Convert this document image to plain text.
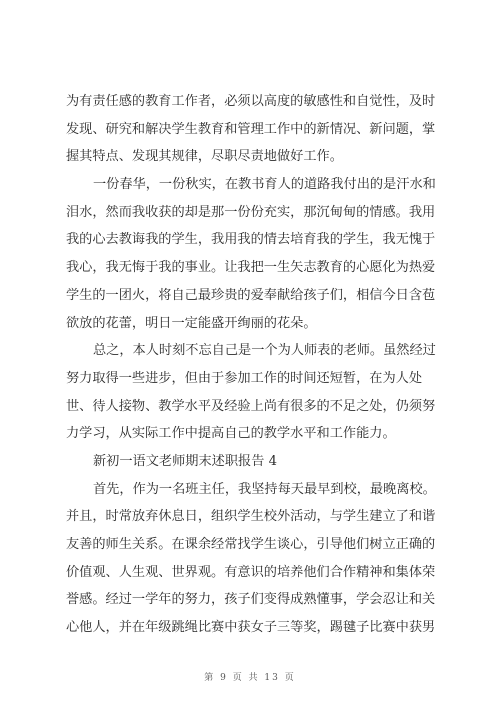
为有责任感的教育工作者，必须以高度的敏感性和自觉性，及时
发现、研究和解决学生教育和管理工作中的新情况、新问题，掌
握其特点、发现其规律，尽职尽责地做好工作。
一份春华，一份秋实，在教书育人的道路我付出的是汗水和
泪水，然而我收获的却是那一份份充实，那沉甸甸的情感。我用
我的心去教诲我的学生，我用我的情去培育我的学生，我无愧于
我心，我无悔于我的事业。让我把一生矢志教育的心愿化为热爱
学生的一团火，将自己最珍贵的爱奉献给孩子们，相信今日含苞
欲放的花蕾，明日一定能盛开绚丽的花朵。
总之，本人时刻不忘自己是一个为人师表的老师。虽然经过
努力取得一些进步，但由于参加工作的时间还短暂，在为人处
世、待人接物、教学水平及经验上尚有很多的不足之处，仍须努
力学习，从实际工作中提高自己的教学水平和工作能力。
新初一语文老师期末述职报告 4
首先，作为一名班主任，我坚持每天最早到校，最晚离校。
并且，时常放弃休息日，组织学生校外活动，与学生建立了和谐
友善的师生关系。在课余经常找学生谈心，引导他们树立正确的
价值观、人生观、世界观。有意识的培养他们合作精神和集体荣
誉感。经过一学年的努力，孩子们变得成熟懂事，学会忍让和关
心他人，并在年级跳绳比赛中获女子三等奖，踢毽子比赛中获男
第 9 页 共 13 页
